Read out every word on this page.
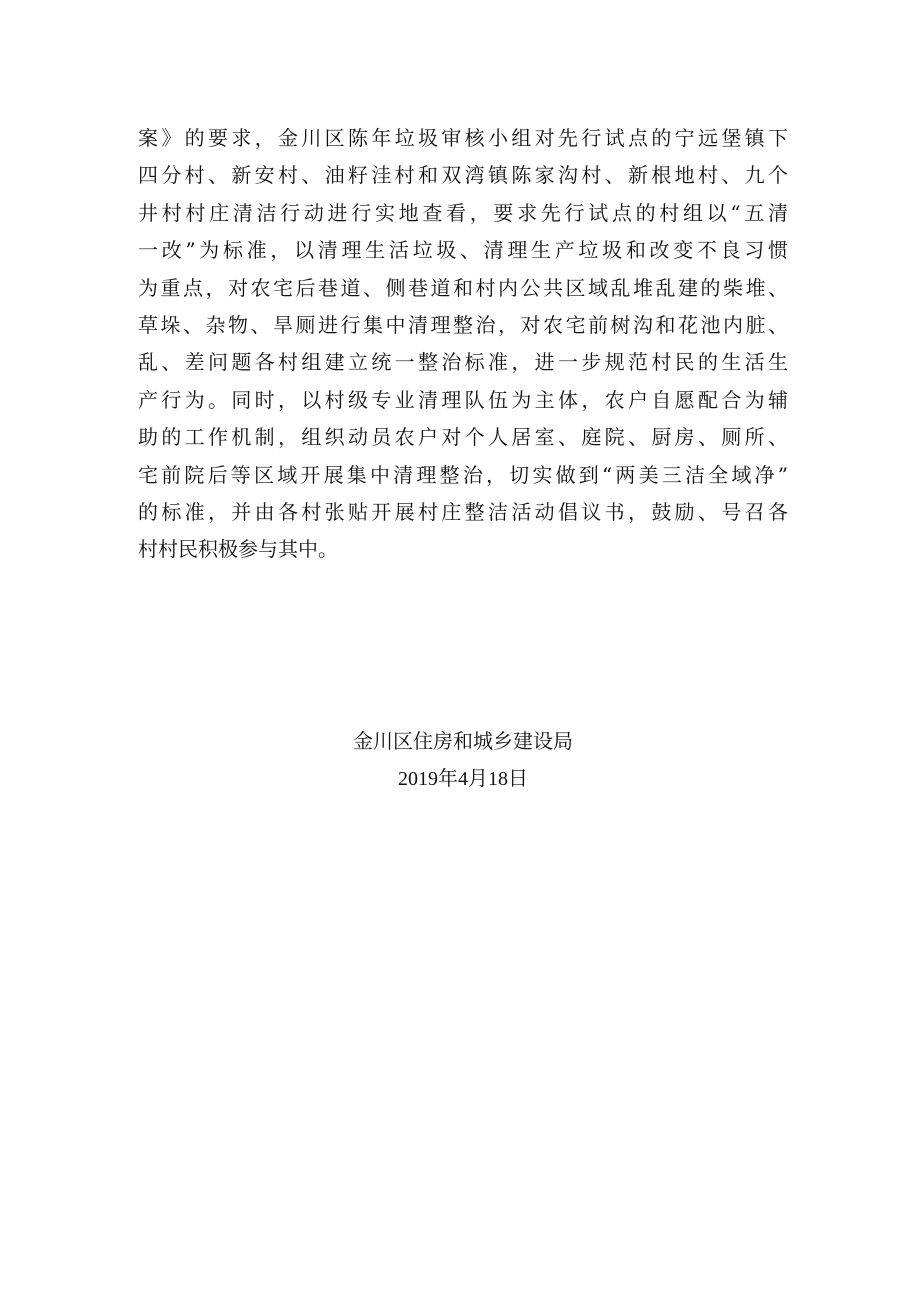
案》的要求，金川区陈年垃圾审核小组对先行试点的宁远堡镇下
四分村、新安村、油籽洼村和双湾镇陈家沟村、新根地村、九个
井村村庄清洁行动进行实地查看，要求先行试点的村组以“五清
一改”为标准，以清理生活垃圾、清理生产垃圾和改变不良习惯
为重点，对农宅后巷道、侧巷道和村内公共区域乱堆乱建的柴堆、
草垛、杂物、旱厕进行集中清理整治，对农宅前树沟和花池内脏、
乱、差问题各村组建立统一整治标准，进一步规范村民的生活生
产行为。同时，以村级专业清理队伍为主体，农户自愿配合为辅
助的工作机制，组织动员农户对个人居室、庭院、厨房、厕所、
宅前院后等区域开展集中清理整治，切实做到“两美三洁全域净”
的标准，并由各村张贴开展村庄整洁活动倡议书，鼓励、号召各
村村民积极参与其中。

金川区住房和城乡建设局
2019年4月18日
